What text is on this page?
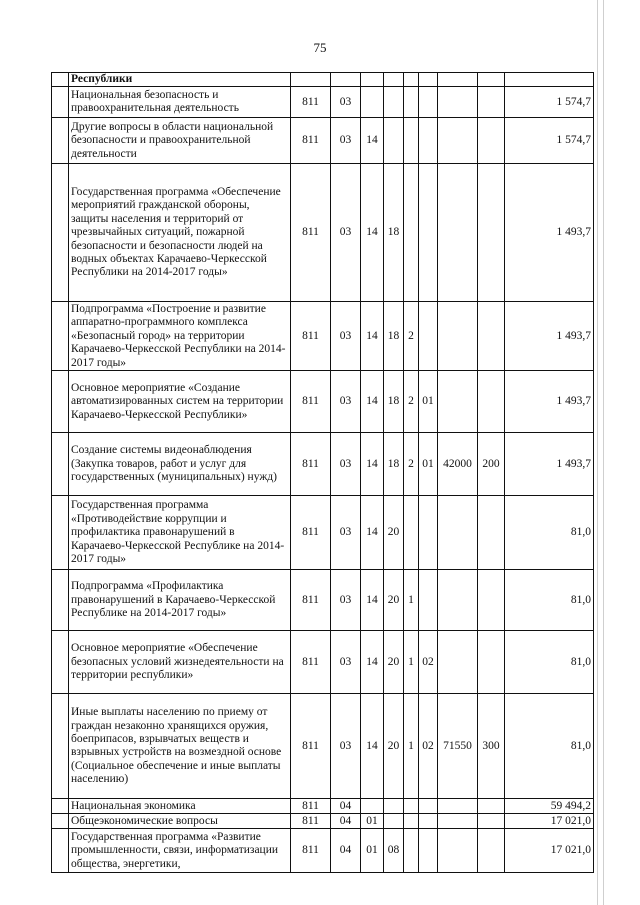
75
	Республики									
	Национальная безопасность и правоохранительная деятельность	811	03							1 574,7
	Другие вопросы в области национальной безопасности и правоохранительной деятельности	811	03	14						1 574,7
	Государственная программа «Обеспечение мероприятий гражданской обороны, защиты населения и территорий от чрезвычайных ситуаций, пожарной безопасности и безопасности людей на водных объектах Карачаево-Черкесской Республики на 2014-2017 годы»	811	03	14	18					1 493,7
	Подпрограмма «Построение и развитие аппаратно-программного комплекса «Безопасный город» на территории Карачаево-Черкесской Республики на 2014-2017 годы»	811	03	14	18	2				1 493,7
	Основное мероприятие «Создание автоматизированных систем на территории Карачаево-Черкесской Республики»	811	03	14	18	2	01			1 493,7
	Создание системы видеонаблюдения (Закупка товаров, работ и услуг для государственных (муниципальных) нужд)	811	03	14	18	2	01	42000	200	1 493,7
	Государственная программа «Противодействие коррупции и профилактика правонарушений в Карачаево-Черкесской Республике на 2014-2017 годы»	811	03	14	20					81,0
	Подпрограмма «Профилактика правонарушений в Карачаево-Черкесской Республике на 2014-2017 годы»	811	03	14	20	1				81,0
	Основное мероприятие «Обеспечение безопасных условий жизнедеятельности на территории республики»	811	03	14	20	1	02			81,0
	Иные выплаты населению по приему от граждан незаконно хранящихся оружия, боеприпасов, взрывчатых веществ и взрывных устройств на возмездной основе (Социальное обеспечение и иные выплаты населению)	811	03	14	20	1	02	71550	300	81,0
	Национальная экономика	811	04							59 494,2
	Общеэкономические вопросы	811	04	01						17 021,0
	Государственная программа «Развитие промышленности, связи, информатизации общества, энергетики,	811	04	01	08					17 021,0
